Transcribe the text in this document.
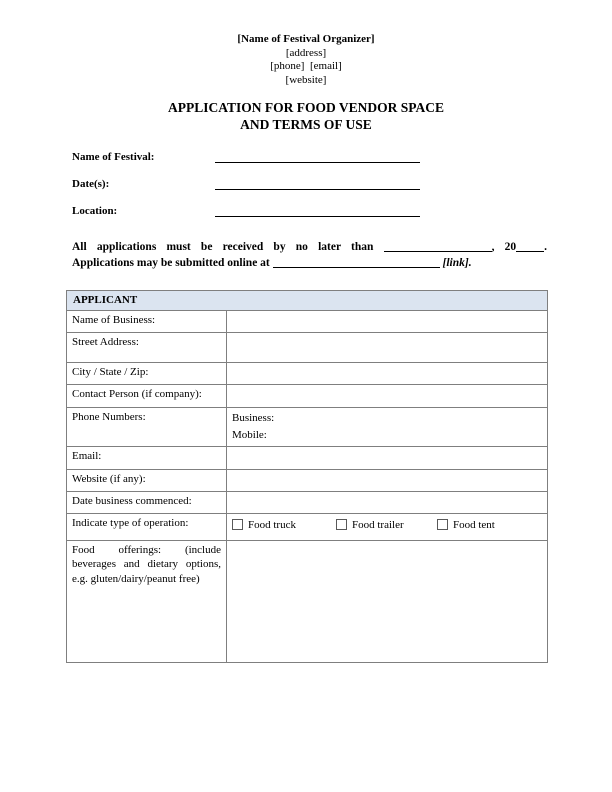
[Name of Festival Organizer]
[address]
[phone]  [email]
[website]
APPLICATION FOR FOOD VENDOR SPACE
AND TERMS OF USE
Name of Festival:
Date(s):
Location:
All applications must be received by no later than	, 20 .
Applications may be submitted online at	[link].
APPLICANT	
Name of Business:	
Street Address:	
City / State / Zip:	
Contact Person (if company):	
Phone Numbers:	Business:
Mobile:

Email:	
Website (if any):	
Date business commenced:	
Indicate type of operation:	Food truck Food trailer Food tent

Food offerings: (include beverages and dietary options, e.g. gluten/dairy/peanut free)	
